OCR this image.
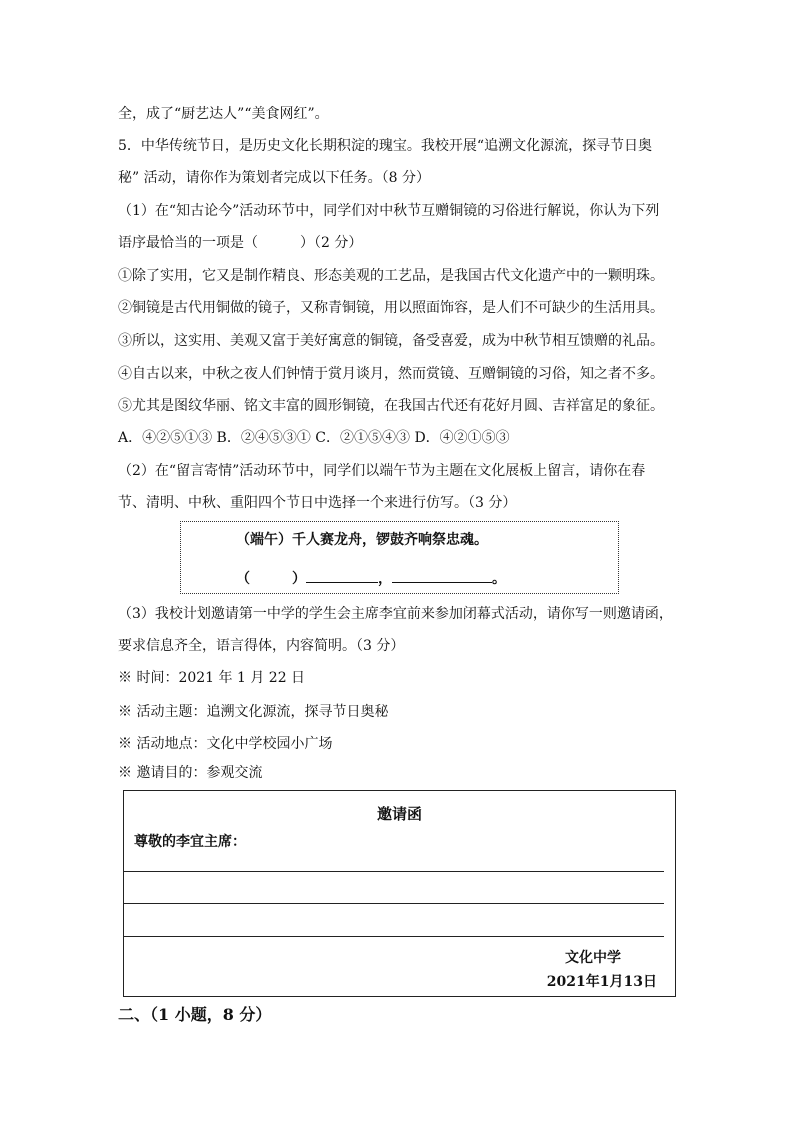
全，成了“厨艺达人”“美食网红”。
5．中华传统节日，是历史文化长期积淀的瑰宝。我校开展“追溯文化源流，探寻节日奥
秘” 活动，请你作为策划者完成以下任务。（8 分）
（1）在“知古论今”活动环节中，同学们对中秋节互赠铜镜的习俗进行解说，你认为下列
语序最恰当的一项是（　　　）（2 分）
①除了实用，它又是制作精良、形态美观的工艺品，是我国古代文化遗产中的一颗明珠。
②铜镜是古代用铜做的镜子，又称青铜镜，用以照面饰容，是人们不可缺少的生活用具。
③所以，这实用、美观又富于美好寓意的铜镜，备受喜爱，成为中秋节相互馈赠的礼品。
④自古以来，中秋之夜人们钟情于赏月谈月，然而赏镜、互赠铜镜的习俗，知之者不多。
⑤尤其是图纹华丽、铭文丰富的圆形铜镜，在我国古代还有花好月圆、吉祥富足的象征。
A．④②⑤①③ B．②④⑤③① C．②①⑤④③ D．④②①⑤③
（2）在“留言寄情”活动环节中，同学们以端午节为主题在文化展板上留言，请你在春
节、清明、中秋、重阳四个节日中选择一个来进行仿写。（3 分）
（端午）千人赛龙舟，锣鼓齐响祭忠魂。
（　　　）	，	。
（3）我校计划邀请第一中学的学生会主席李宜前来参加闭幕式活动，请你写一则邀请函，
要求信息齐全，语言得体，内容简明。（3 分）
※ 时间：2021 年 1 月 22 日
※ 活动主题：追溯文化源流，探寻节日奥秘
※ 活动地点：文化中学校园小广场
※ 邀请目的：参观交流
邀请函
尊敬的李宜主席：
文化中学
2021年1月13日
二、（1 小题，8 分）
